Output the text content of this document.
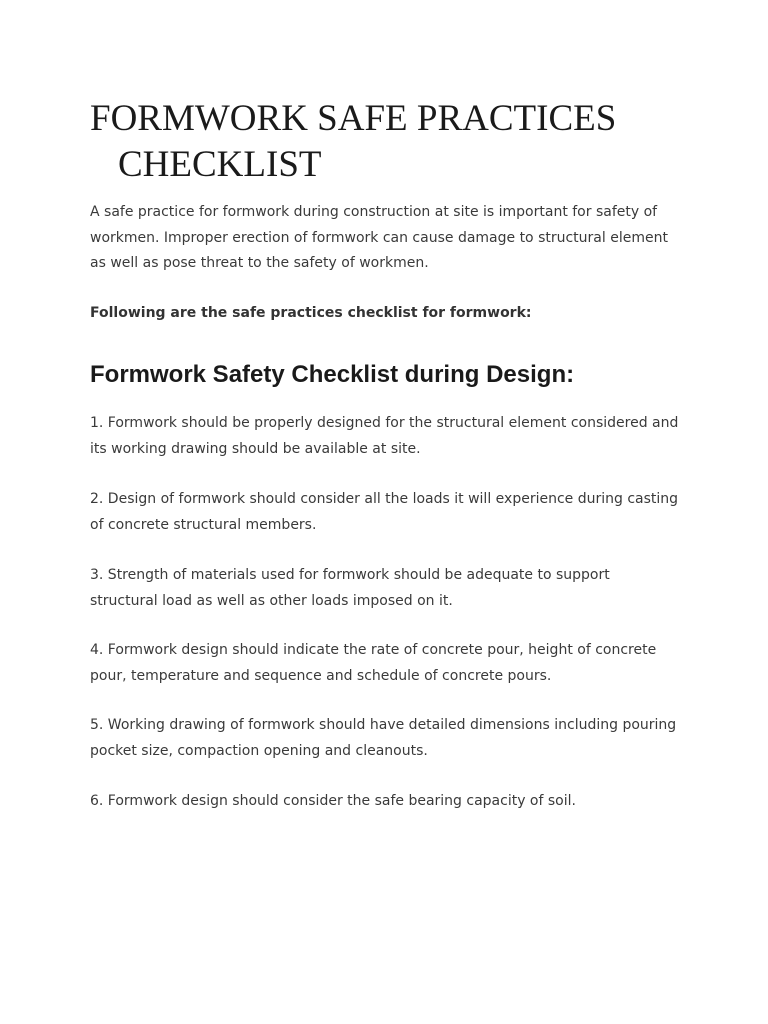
FORMWORK SAFE PRACTICES
CHECKLIST

A safe practice for formwork during construction at site is important for safety of workmen. Improper erection of formwork can cause damage to structural element as well as pose threat to the safety of workmen.

Following are the safe practices checklist for formwork:

Formwork Safety Checklist during Design:

1. Formwork should be properly designed for the structural element considered and its working drawing should be available at site.

2. Design of formwork should consider all the loads it will experience during casting of concrete structural members.

3. Strength of materials used for formwork should be adequate to support structural load as well as other loads imposed on it.

4. Formwork design should indicate the rate of concrete pour, height of concrete pour, temperature and sequence and schedule of concrete pours.

5. Working drawing of formwork should have detailed dimensions including pouring pocket size, compaction opening and cleanouts.

6. Formwork design should consider the safe bearing capacity of soil.
